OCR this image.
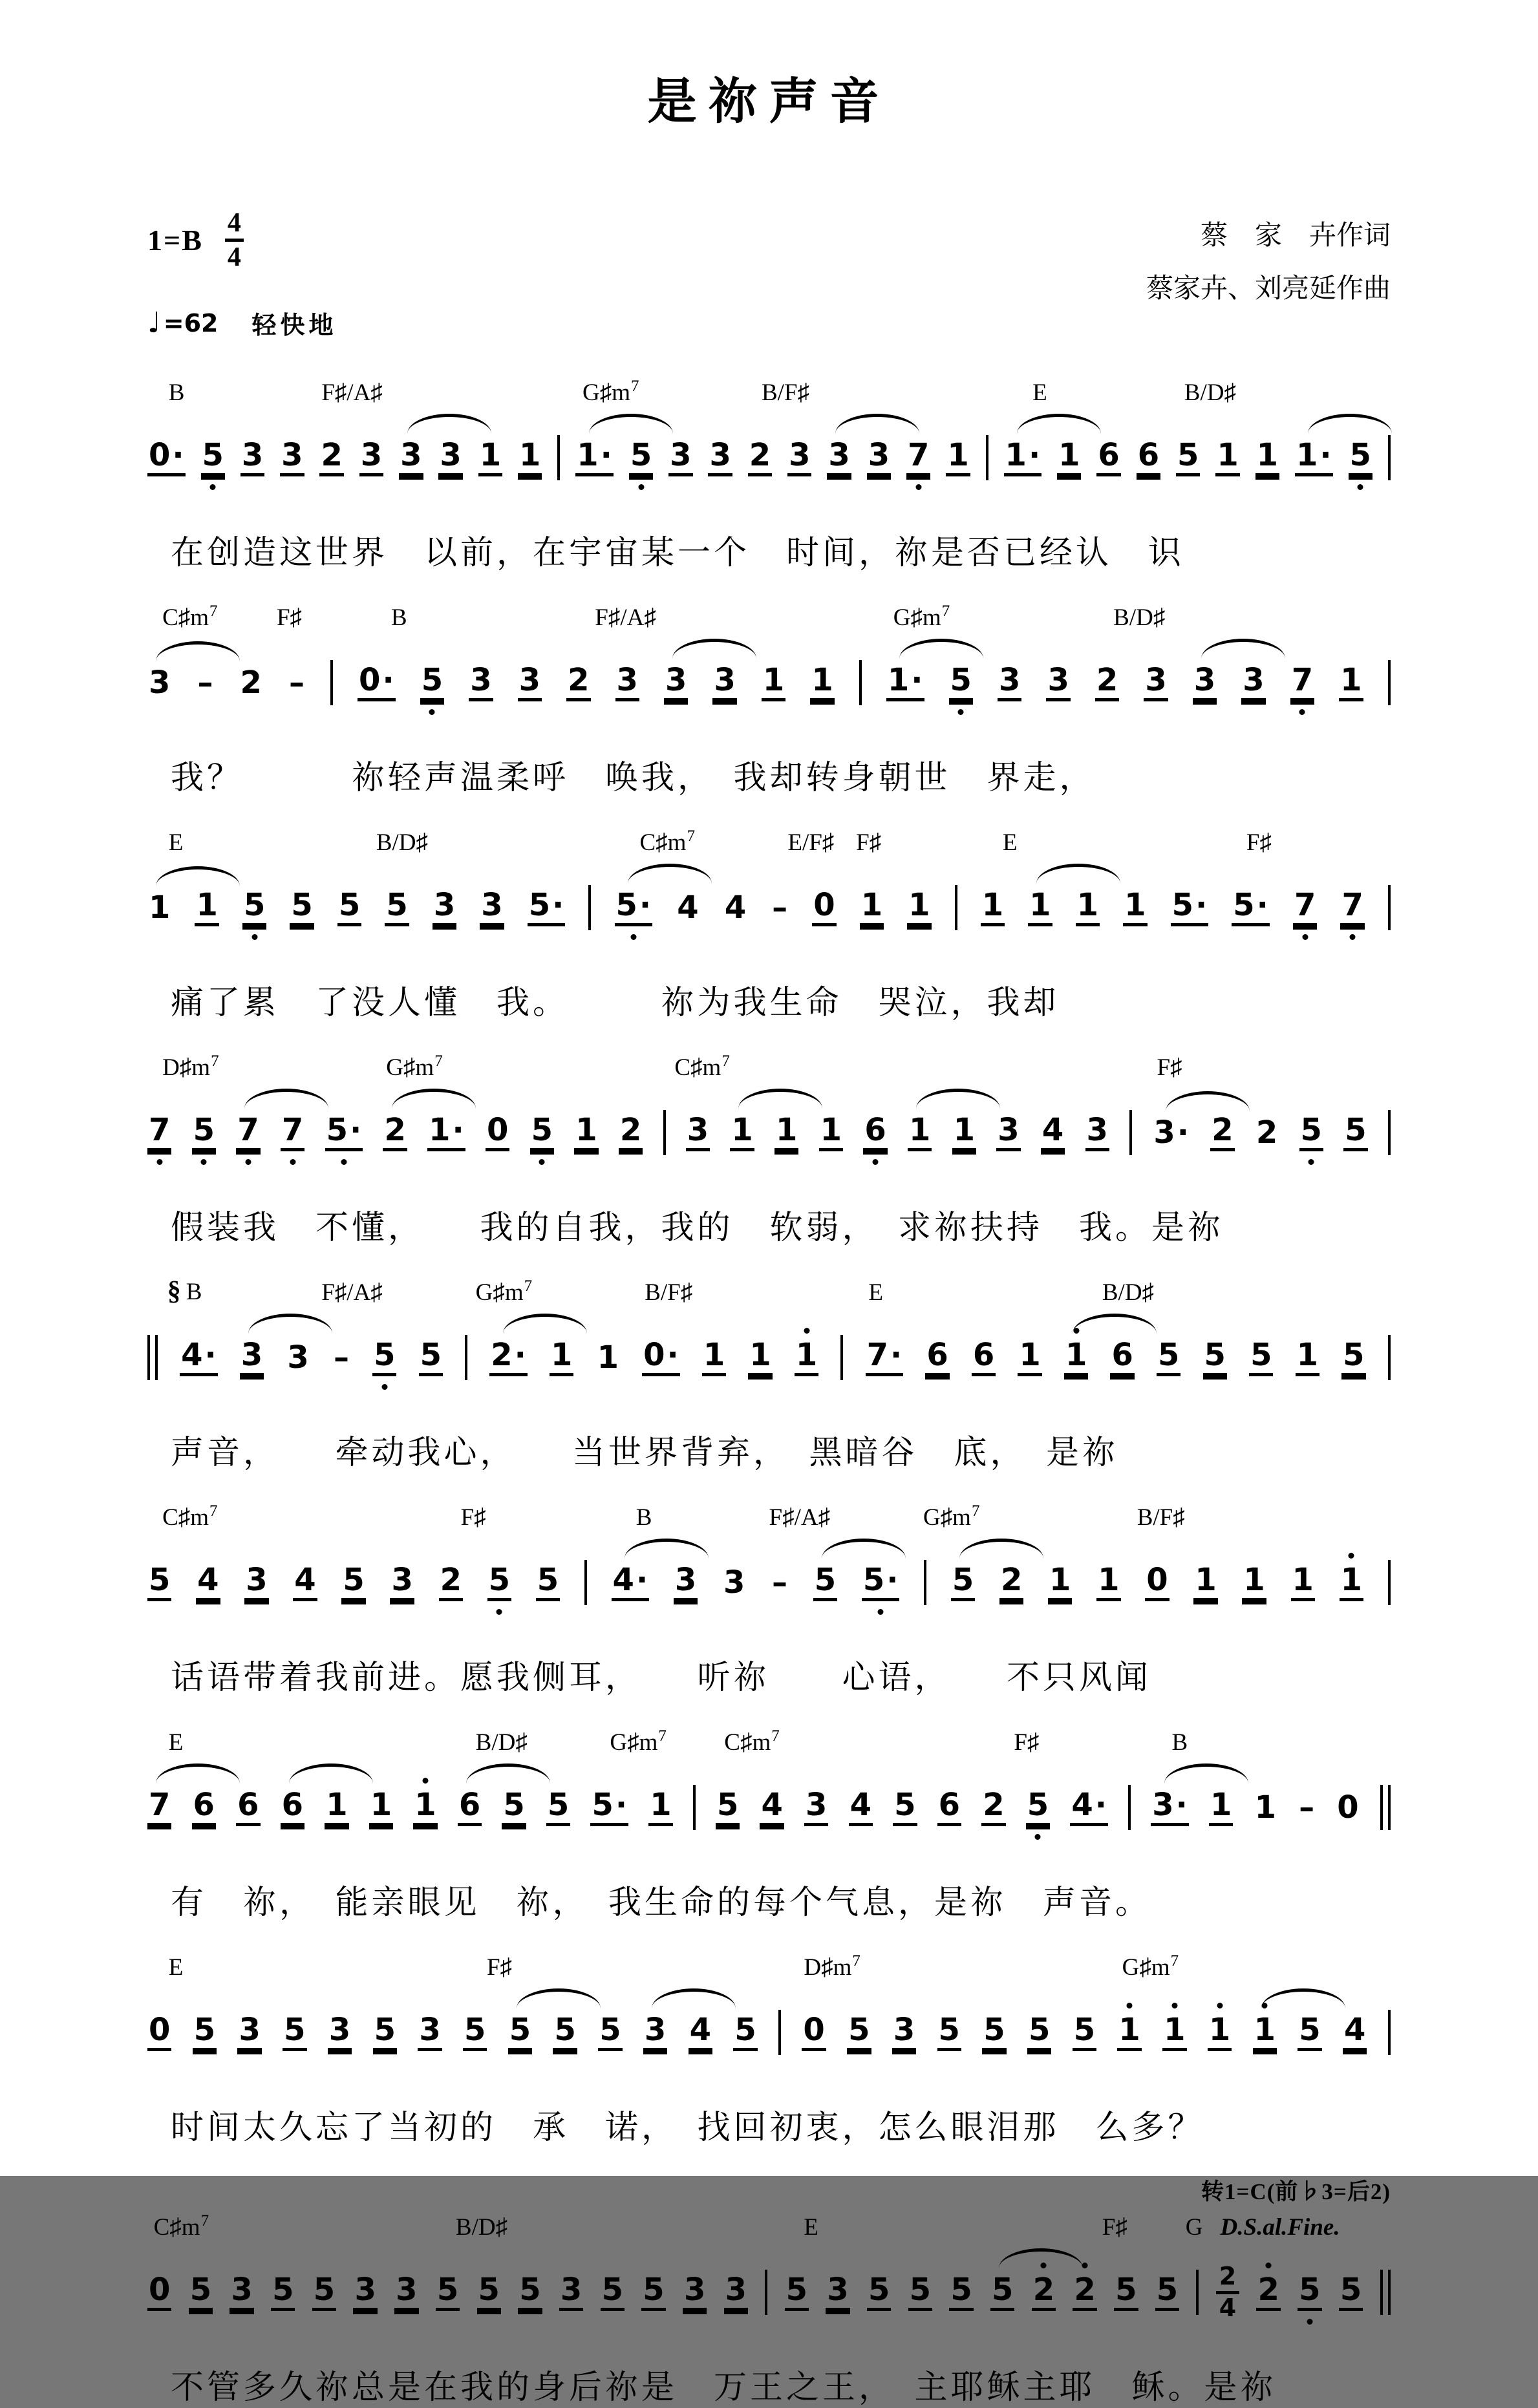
是祢声音
$1=B \frac{4}{4}$
♩ =62 轻快地
蔡　家　卉作词
蔡家卉、刘亮延作曲
B	F♯/A♯	$G♯m^7$	B/F♯	E	B/D♯
0· 5 3 3 2 3 3 3 1 1 1· 5 3 3 2 3 3 3 7 1 1· 1 6 6 5 1 1 1· 5
在创造这世界　以前，在宇宙某一个　时间，祢是否已经认　识
$C♯m^7$ F♯	B	F♯/A♯	$G♯m^7$	B/D♯
3 – 2 – 0· 5 3 3 2 3 3 3 1 1 1· 5 3 3 2 3 3 3 7 1
我？　　　祢轻声温柔呼　唤我，　我却转身朝世　界走，
E	B/D♯	$C♯m^7$	E/F♯ F♯	E	F♯
1 1 5 5 5 5 3 3 5· 5· 4 4 – 0 1 1 1 1 1 1 5· 5· 7 7
痛了累　了没人懂　我。　　　祢为我生命　哭泣，我却
$D♯m^7$	$G♯m^7$	$C♯m^7$	F♯
7 5 7 7 5· 2 1· 0 5 1 2 3 1 1 1 6 1 1 3 4 3 3· 2 2 5 5
假装我　不懂，　　我的自我，我的　软弱，　求祢扶持　我。是祢
§ B	F♯/A♯	$G♯m^7$	B/F♯	E	B/D♯
4· 3 3 – 5 5 2· 1 1 0· 1 1 1 7· 6 6 1 1 6 5 5 5 1 5
声音，　　牵动我心，　　当世界背弃，　黑暗谷　底，　是祢
$C♯m^7$	F♯	B	F♯/A♯	$G♯m^7$	B/F♯
5 4 3 4 5 3 2 5 5 4· 3 3 – 5 5· 5 2 1 1 0 1 1 1 1
话语带着我前进。愿我侧耳，　　听祢　　心语，　　不只风闻
E	B/D♯	$G♯m^7$ $C♯m^7$	F♯	B
7 6 6 6 1 1 1 6 5 5 5· 1 5 4 3 4 5 6 2 5 4· 3· 1 1 – 0
有　祢，　能亲眼见　祢，　我生命的每个气息，是祢　声音。
E	F♯	$D♯m^7$	$G♯m^7$
0 5 3 5 3 5 3 5 5 5 5 3 4 5 0 5 3 5 5 5 5 1 1 1 1 5 4
时间太久忘了当初的　承　诺，　找回初衷，怎么眼泪那　么多？
转1=C(前♭3=后2)
$C♯m^7$	B/D♯	E	F♯ G D.S.al.Fine.
0 5 3 5 5 3 3 5 5 5 3 5 5 3 3 5 3 5 5 5 5 2 2 5 5 2
4 2 5 5
不管多久祢总是在我的身后祢是　万王之王，　主耶稣主耶　稣。是祢
